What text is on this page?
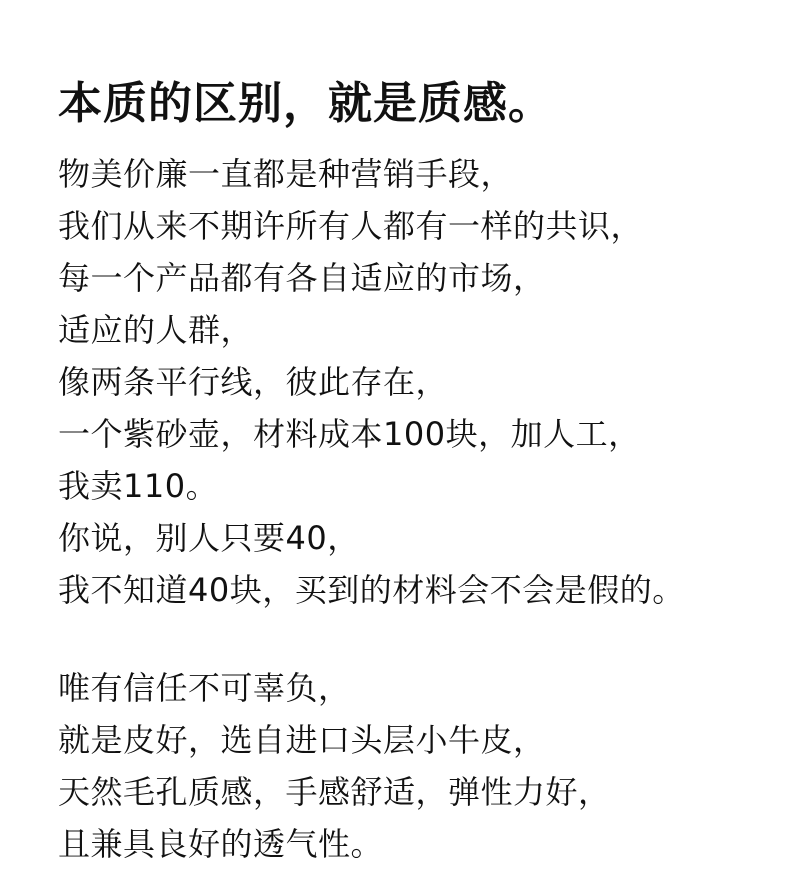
本质的区别，就是质感。

物美价廉一直都是种营销手段，

我们从来不期许所有人都有一样的共识，

每一个产品都有各自适应的市场，

适应的人群，

像两条平行线，彼此存在，

一个紫砂壶，材料成本100块，加人工，

我卖110。

你说，别人只要40，

我不知道40块，买到的材料会不会是假的。

唯有信任不可辜负，

就是皮好，选自进口头层小牛皮，

天然毛孔质感，手感舒适，弹性力好，

且兼具良好的透气性。
